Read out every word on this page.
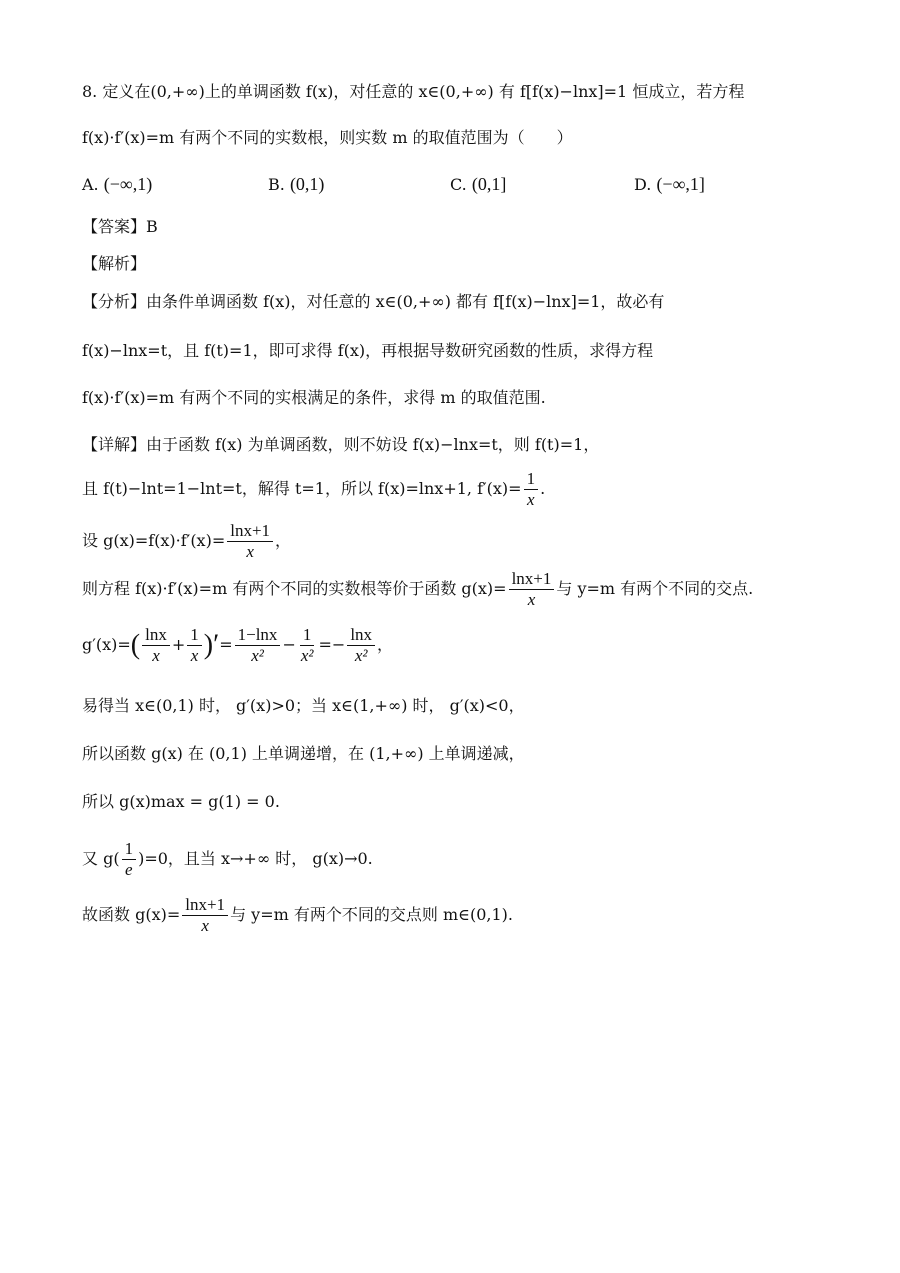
8. 定义在(0,+∞)上的单调函数 f(x)，对任意的 x∈(0,+∞) 有 f[f(x)−lnx]=1 恒成立，若方程
f(x)·f′(x)=m 有两个不同的实数根，则实数 m 的取值范围为（　　）
A. (−∞,1)	B. (0,1)	C. (0,1]	D. (−∞,1]
【答案】B
【解析】
【分析】由条件单调函数 f(x)，对任意的 x∈(0,+∞) 都有 f[f(x)−lnx]=1，故必有
f(x)−lnx=t，且 f(t)=1，即可求得 f(x)，再根据导数研究函数的性质，求得方程
f(x)·f′(x)=m 有两个不同的实根满足的条件，求得 m 的取值范围.
【详解】由于函数 f(x) 为单调函数，则不妨设 f(x)−lnx=t，则 f(t)=1，
且 f(t)−lnt=1−lnt=t，解得 t=1，所以 f(x)=lnx+1, $f'(x)= \frac{1}{x}$ .
设 $g(x)=f(x)\cdot f'(x)= \frac{\ln x+1}{x}$ ，
则方程 f(x)·f′(x)=m 有两个不同的实数根等价于函数 $g(x)= \frac{\ln x+1}{x}$ 与 y=m 有两个不同的交点.
$g'(x)=( \frac{\ln x}{x} + \frac{1}{x}$ )′= $\frac{1-\ln x}{\text{x²}} - \frac{1}{\text{x²}} =- \frac{\ln x}{\text{x²}}$ ，
易得当 x∈(0,1) 时， g′(x)>0；当 x∈(1,+∞) 时， g′(x)<0，
所以函数 g(x) 在 (0,1) 上单调递增，在 (1,+∞) 上单调递减，
所以 g(x)max = g(1) = 0.
又 $g( \frac{1}{e} )=0$，且当 x→+∞ 时， g(x)→0.
故函数 $g(x)= \frac{\ln x+1}{x}$ 与 y=m 有两个不同的交点则 m∈(0,1).
